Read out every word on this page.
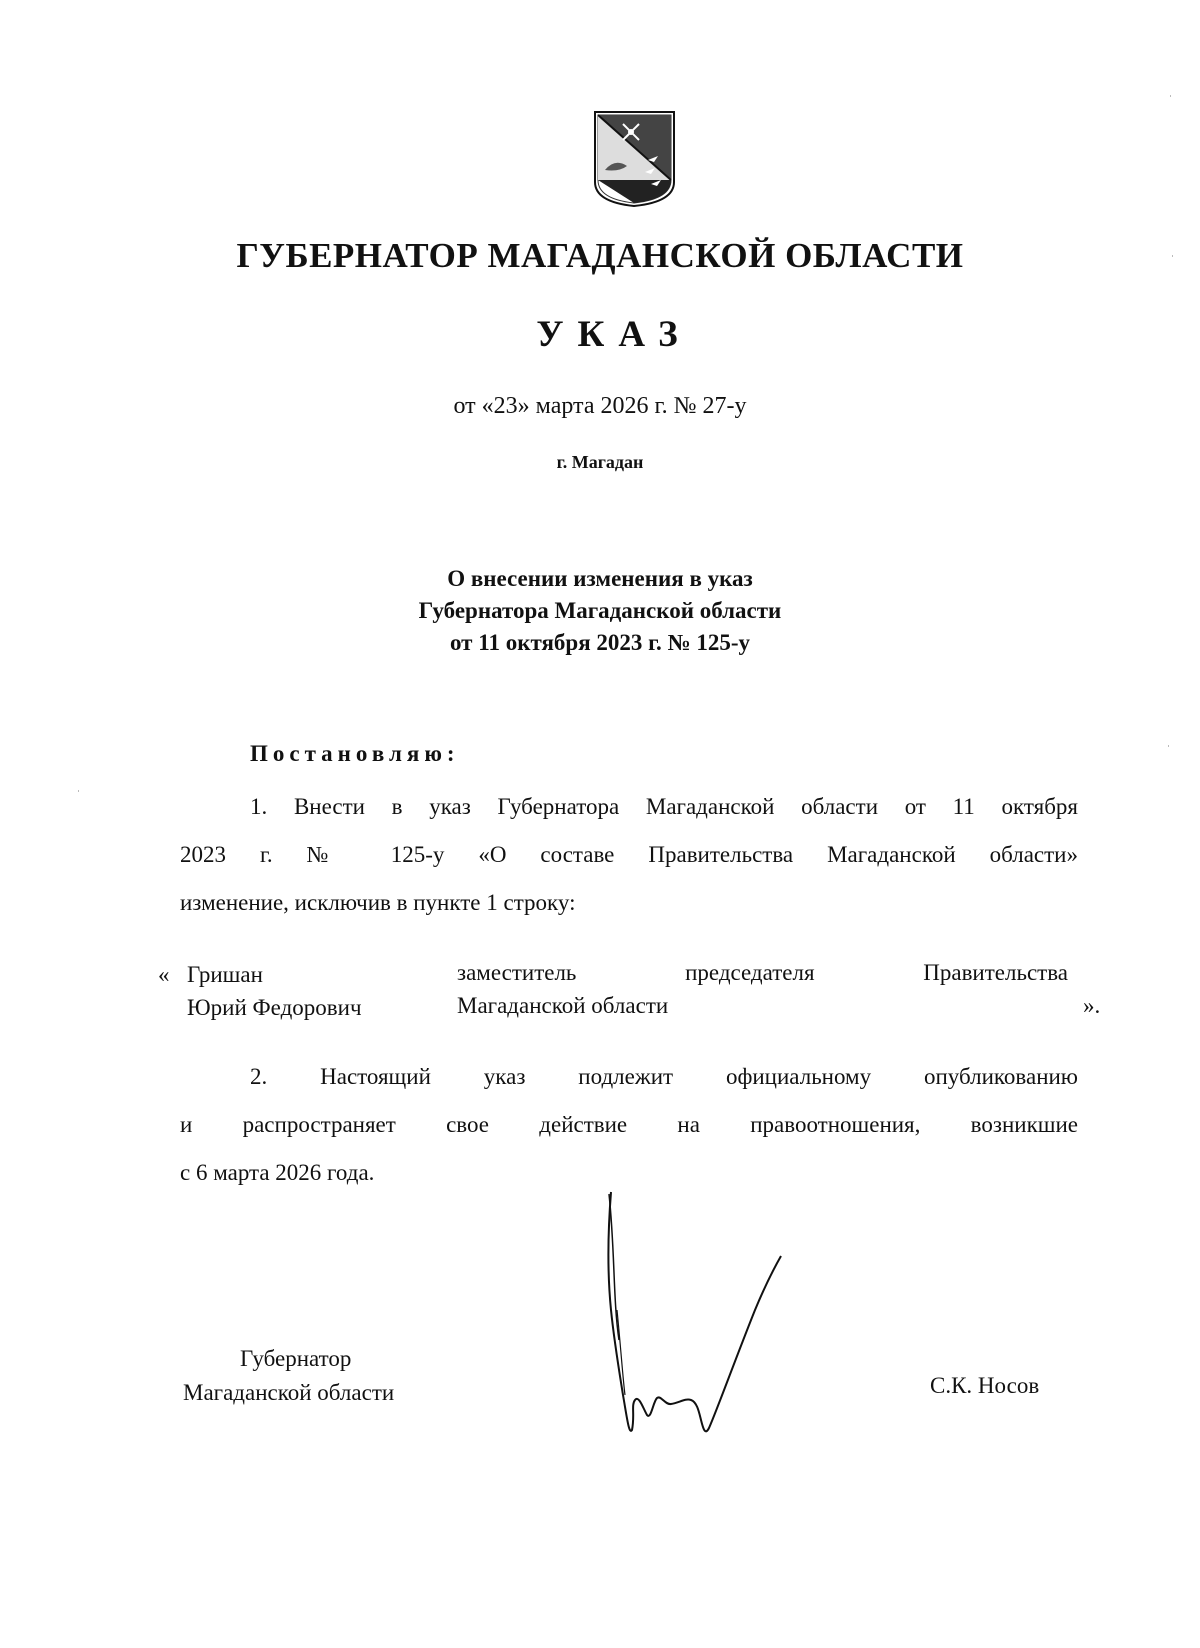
ГУБЕРНАТОР МАГАДАНСКОЙ ОБЛАСТИ
УКАЗ
от «23» марта 2026 г. № 27-у
г. Магадан
О внесении изменения в указ
Губернатора Магаданской области
от 11 октября 2023 г. № 125-у
Постановляю:
1. Внести в указ Губернатора Магаданской области от 11 октября
2023 г. № 125-у «О составе Правительства Магаданской области»
изменение, исключив в пункте 1 строку:
« Гришан
Юрий Федорович
заместитель председателя Правительства
Магаданской области	».
2. Настоящий указ подлежит официальному опубликованию
и распространяет свое действие на правоотношения, возникшие
с 6 марта 2026 года.
Губернатор
Магаданской области	С.К. Носов
